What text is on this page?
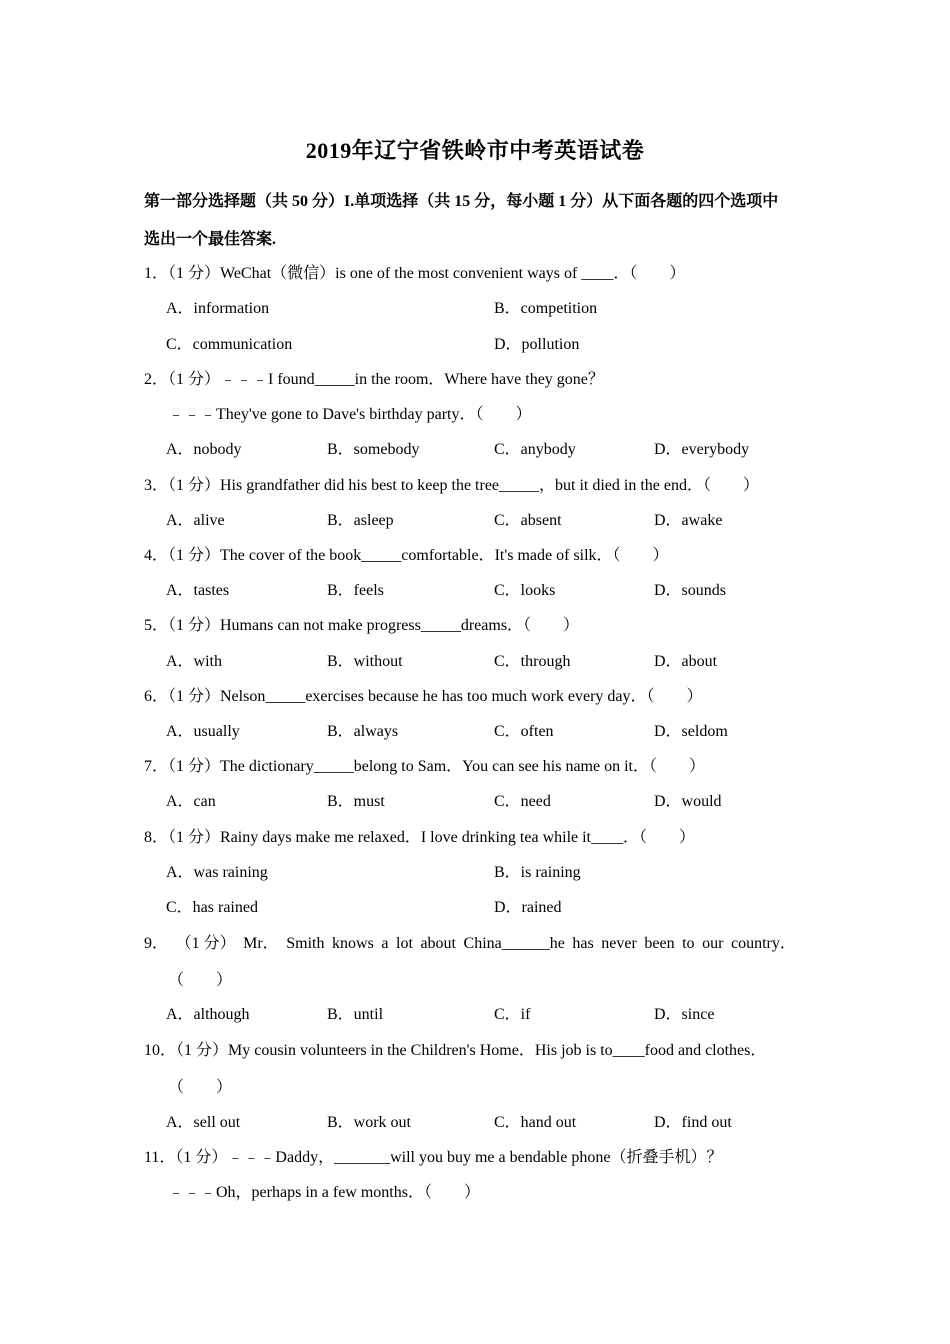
2019年辽宁省铁岭市中考英语试卷
第一部分选择题（共 50 分）I.单项选择（共 15 分，每小题 1 分）从下面各题的四个选项中
选出一个最佳答案.
1．（1 分）WeChat（微信）is one of the most convenient ways of ____．（　　）
A．information	B．competition
C．communication	D．pollution
2．（1 分）﹣﹣﹣I found_____in the room．Where have they gone？
﹣﹣﹣They've gone to Dave's birthday party．（　　）
A．nobody	B．somebody	C．anybody	D．everybody
3．（1 分）His grandfather did his best to keep the tree_____，but it died in the end．（　　）
A．alive	B．asleep	C．absent	D．awake
4．（1 分）The cover of the book_____comfortable．It's made of silk．（　　）
A．tastes	B．feels	C．looks	D．sounds
5．（1 分）Humans can not make progress_____dreams．（　　）
A．with	B．without	C．through	D．about
6．（1 分）Nelson_____exercises because he has too much work every day．（　　）
A．usually	B．always	C．often	D．seldom
7．（1 分）The dictionary_____belong to Sam．You can see his name on it．（　　）
A．can	B．must	C．need	D．would
8．（1 分）Rainy days make me relaxed．I love drinking tea while it____．（　　）
A．was raining	B．is raining
C．has rained	D．rained
9． （1 分） Mr． Smith knows a lot about China______he has never been to our country．
（　　）
A．although	B．until	C．if	D．since
10．（1 分）My cousin volunteers in the Children's Home．His job is to____food and clothes．
（　　）
A．sell out	B．work out	C．hand out	D．find out
11．（1 分）﹣﹣﹣Daddy，_______will you buy me a bendable phone（折叠手机）？
﹣﹣﹣Oh，perhaps in a few months．（　　）
